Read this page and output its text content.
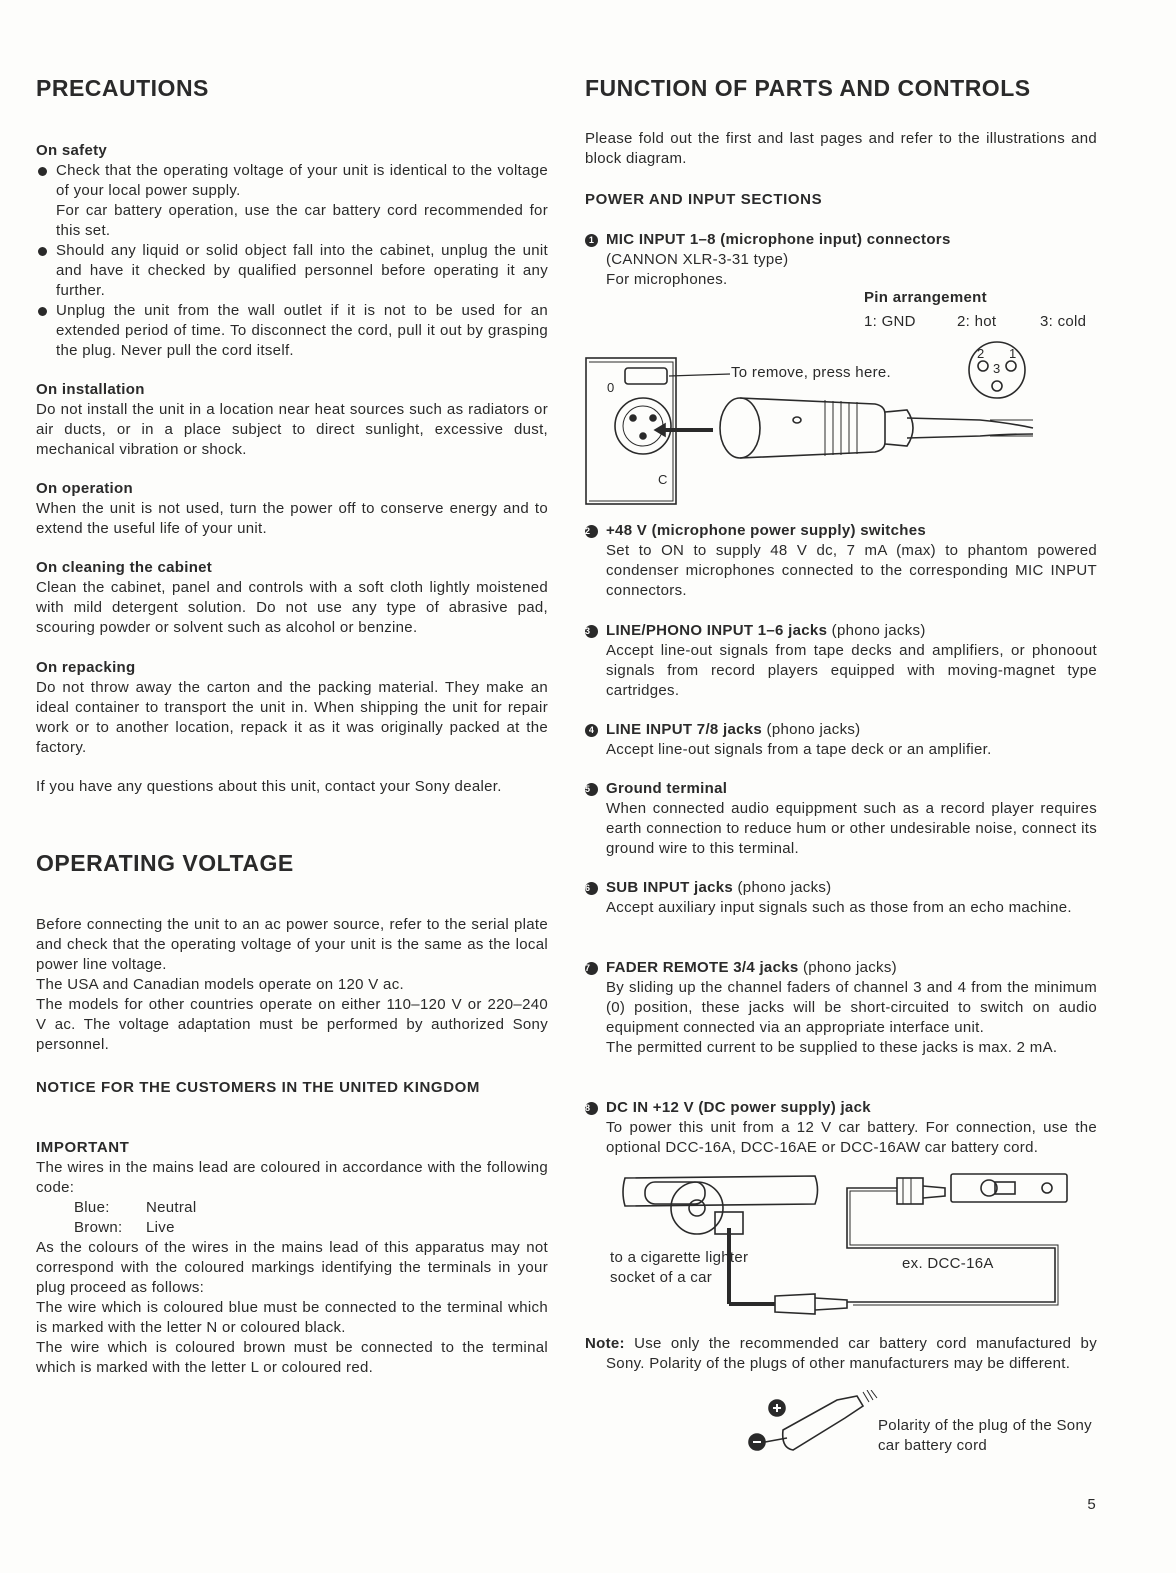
PRECAUTIONS
On safety
Check that the operating voltage of your unit is identical to the voltage of your local power supply.
For car battery operation, use the car battery cord recommended for this set.
Should any liquid or solid object fall into the cabinet, unplug the unit and have it checked by qualified personnel before operating it any further.
Unplug the unit from the wall outlet if it is not to be used for an extended period of time. To disconnect the cord, pull it out by grasping the plug. Never pull the cord itself.
On installation
Do not install the unit in a location near heat sources such as radiators or air ducts, or in a place subject to direct sunlight, excessive dust, mechanical vibration or shock.
On operation
When the unit is not used, turn the power off to conserve energy and to extend the useful life of your unit.
On cleaning the cabinet
Clean the cabinet, panel and controls with a soft cloth lightly moistened with mild detergent solution. Do not use any type of abrasive pad, scouring powder or solvent such as alcohol or benzine.
On repacking
Do not throw away the carton and the packing material. They make an ideal container to transport the unit in. When shipping the unit for repair work or to another location, repack it as it was originally packed at the factory.
If you have any questions about this unit, contact your Sony dealer.
OPERATING VOLTAGE
Before connecting the unit to an ac power source, refer to the serial plate and check that the operating voltage of your unit is the same as the local power line voltage.
The USA and Canadian models operate on 120 V ac.
The models for other countries operate on either 110–120 V or 220–240 V ac. The voltage adaptation must be performed by authorized Sony personnel.
NOTICE FOR THE CUSTOMERS IN THE UNITED KINGDOM
IMPORTANT
The wires in the mains lead are coloured in accordance with the following code:
Blue:	Neutral
Brown:	Live
As the colours of the wires in the mains lead of this apparatus may not correspond with the coloured markings identifying the terminals in your plug proceed as follows:
The wire which is coloured blue must be connected to the terminal which is marked with the letter N or coloured black.
The wire which is coloured brown must be connected to the terminal which is marked with the letter L or coloured red.
FUNCTION OF PARTS AND CONTROLS
Please fold out the first and last pages and refer to the illustrations and block diagram.
POWER AND INPUT SECTIONS
1 MIC INPUT 1–8 (microphone input) connectors
(CANNON XLR-3-31 type)
For microphones.
Pin arrangement
1: GND	2: hot	3: cold
0
C
2 1
3
To remove, press here.
2	+48 V (microphone power supply) switches
Set to ON to supply 48 V dc, 7 mA (max) to phantom powered condenser microphones connected to the corresponding MIC INPUT connectors.
3	LINE/PHONO INPUT 1–6 jacks (phono jacks)
Accept line-out signals from tape decks and amplifiers, or phonoout signals from record players equipped with moving-magnet type cartridges.
4 LINE INPUT 7/8 jacks (phono jacks)
Accept line-out signals from a tape deck or an amplifier.
5	Ground terminal
When connected audio equippment such as a record player requires earth connection to reduce hum or other undesirable noise, connect its ground wire to this terminal.
6	SUB INPUT jacks (phono jacks)
Accept auxiliary input signals such as those from an echo machine.
7	FADER REMOTE 3/4 jacks (phono jacks)
By sliding up the channel faders of channel 3 and 4 from the minimum (0) position, these jacks will be short-circuited to switch on audio equipment connected via an appropriate interface unit.
The permitted current to be supplied to these jacks is max. 2 mA.
8	DC IN +12 V (DC power supply) jack
To power this unit from a 12 V car battery. For connection, use the optional DCC-16A, DCC-16AE or DCC-16AW car battery cord.
to a cigarette lighter socket of a car
ex. DCC-16A
Note: Use only the recommended car battery cord manufactured by Sony. Polarity of the plugs of other manufacturers may be different.
Polarity of the plug of the Sony car battery cord
5
